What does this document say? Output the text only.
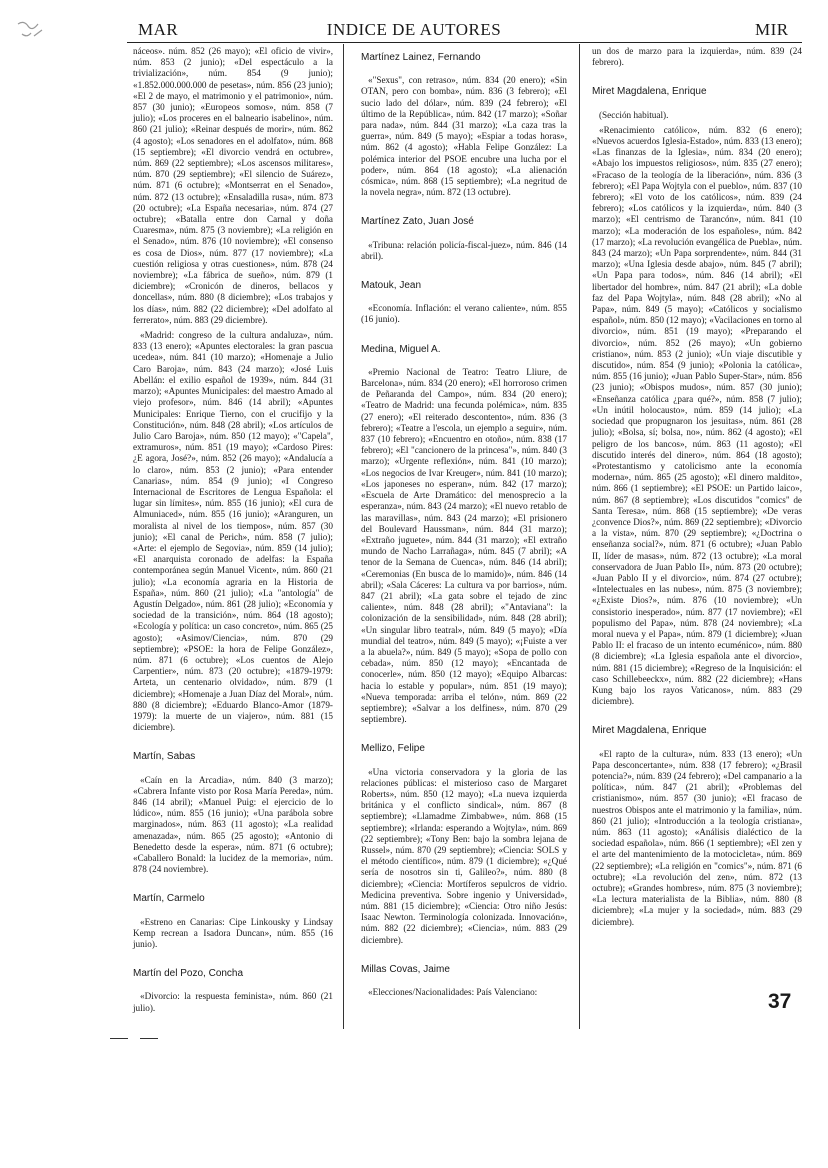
MAR	INDICE DE AUTORES	MIR

náceos». núm. 852 (26 mayo); «El oficio de vivir», núm. 853 (2 junio); «Del espectáculo a la trivialización», núm. 854 (9 junio); «1.852.000.000.000 de pesetas», núm. 856 (23 junio); «El 2 de mayo, el matrimonio y el patrimonio», núm. 857 (30 junio); «Europeos somos», núm. 858 (7 julio); «Los proceres en el balneario isabelino», núm. 860 (21 julio); «Reinar después de morir», núm. 862 (4 agosto); «Los senadores en el adolfato», núm. 868 (15 septiembre); «El divorcio vendrá en octubre», núm. 869 (22 septiembre); «Los ascensos militares», núm. 870 (29 septiembre); «El silencio de Suárez», núm. 871 (6 octubre); «Montserrat en el Senado», núm. 872 (13 octubre); «Ensaladilla rusa», núm. 873 (20 octubre); «La España necesaria», núm. 874 (27 octubre); «Batalla entre don Carnal y doña Cuaresma», núm. 875 (3 noviembre); «La religión en el Senado», núm. 876 (10 noviembre); «El consenso es cosa de Dios», núm. 877 (17 noviembre); «La cuestión religiosa y otras cuestiones», núm. 878 (24 noviembre); «La fábrica de sueño», núm. 879 (1 diciembre); «Cronicón de dineros, bellacos y doncellas», núm. 880 (8 diciembre); «Los trabajos y los días», núm. 882 (22 diciembre); «Del adolfato al ferrerato», núm. 883 (29 diciembre).

«Madrid: congreso de la cultura andaluza», núm. 833 (13 enero); «Apuntes electorales: la gran pascua ucedea», núm. 841 (10 marzo); «Homenaje a Julio Caro Baroja», núm. 843 (24 marzo); «José Luis Abellán: el exilio español de 1939», núm. 844 (31 marzo); «Apuntes Municipales: del maestro Amado al viejo profesor», núm. 846 (14 abril); «Apuntes Municipales: Enrique Tierno, con el crucifijo y la Constitución», núm. 848 (28 abril); «Los artículos de Julio Caro Baroja», núm. 850 (12 mayo); «"Capela", extramuros», núm. 851 (19 mayo); «Cardoso Pires: ¿E agora, José?», núm. 852 (26 mayo); «Andalucía a lo claro», núm. 853 (2 junio); «Para entender Canarias», núm. 854 (9 junio); «I Congreso Internacional de Escritores de Lengua Española: el lugar sin límites», núm. 855 (16 junio); «El cura de Almuniaced», núm. 855 (16 junio); «Aranguren, un moralista al nivel de los tiempos», núm. 857 (30 junio); «El canal de Perich», núm. 858 (7 julio); «Arte: el ejemplo de Segovia», núm. 859 (14 julio); «El anarquista coronado de adelfas: la España contemporánea según Manuel Vicent», núm. 860 (21 julio); «La economía agraria en la Historia de España», núm. 860 (21 julio); «La "antología" de Agustín Delgado», núm. 861 (28 julio); «Economía y sociedad de la transición», núm. 864 (18 agosto); «Ecología y política: un caso concreto», núm. 865 (25 agosto); «Asimov/Ciencia», núm. 870 (29 septiembre); «PSOE: la hora de Felipe González», núm. 871 (6 octubre); «Los cuentos de Alejo Carpentier», núm. 873 (20 octubre); «1879-1979: Arteta, un centenario olvidado», núm. 879 (1 diciembre); «Homenaje a Juan Díaz del Moral», núm. 880 (8 diciembre); «Eduardo Blanco-Amor (1879-1979): la muerte de un viajero», núm. 881 (15 diciembre).

Martín, Sabas

«Caín en la Arcadia», núm. 840 (3 marzo); «Cabrera Infante visto por Rosa María Pereda», núm. 846 (14 abril); «Manuel Puig: el ejercicio de lo lúdico», núm. 855 (16 junio); «Una parábola sobre marginados», núm. 863 (11 agosto); «La realidad amenazada», núm. 865 (25 agosto); «Antonio di Benedetto desde la espera», núm. 871 (6 octubre); «Caballero Bonald: la lucidez de la memoria», núm. 878 (24 noviembre).

Martín, Carmelo

«Estreno en Canarias: Cipe Linkousky y Lindsay Kemp recrean a Isadora Duncan», núm. 855 (16 junio).

Martín del Pozo, Concha

«Divorcio: la respuesta feminista», núm. 860 (21 julio).

Martínez Lainez, Fernando

«"Sexus", con retraso», núm. 834 (20 enero); «Sin OTAN, pero con bomba», núm. 836 (3 febrero); «El sucio lado del dólar», núm. 839 (24 febrero); «El último de la República», núm. 842 (17 marzo); «Soñar para nada», núm. 844 (31 marzo); «La caza tras la guerra», núm. 849 (5 mayo); «Espiar a todas horas», núm. 862 (4 agosto); «Habla Felipe González: La polémica interior del PSOE encubre una lucha por el poder», núm. 864 (18 agosto); «La alienación cósmica», núm. 868 (15 septiembre); «La negritud de la novela negra», núm. 872 (13 octubre).

Martínez Zato, Juan José

«Tribuna: relación policía-fiscal-juez», núm. 846 (14 abril).

Matouk, Jean

«Economía. Inflación: el verano caliente», núm. 855 (16 junio).

Medina, Miguel A.

«Premio Nacional de Teatro: Teatro Lliure, de Barcelona», núm. 834 (20 enero); «El horroroso crimen de Peñaranda del Campo», núm. 834 (20 enero); «Teatro de Madrid: una fecunda polémica», núm. 835 (27 enero); «El reiterado descontento», núm. 836 (3 febrero); «Teatre a l'escola, un ejemplo a seguir», núm. 837 (10 febrero); «Encuentro en otoño», núm. 838 (17 febrero); «El "cancionero de la princesa"», núm. 840 (3 marzo); «Urgente reflexión», núm. 841 (10 marzo); «Los negocios de Ivar Kreuger», núm. 841 (10 marzo); «Los japoneses no esperan», núm. 842 (17 marzo); «Escuela de Arte Dramático: del menosprecio a la esperanza», núm. 843 (24 marzo); «El nuevo retablo de las maravillas», núm. 843 (24 marzo); «El prisionero del Boulevard Haussman», núm. 844 (31 marzo); «Extraño juguete», núm. 844 (31 marzo); «El extraño mundo de Nacho Larrañaga», núm. 845 (7 abril); «A tenor de la Semana de Cuenca», núm. 846 (14 abril); «Ceremonias (En busca de lo mamido)», núm. 846 (14 abril); «Sala Cáceres: La cultura va por barrios», núm. 847 (21 abril); «La gata sobre el tejado de zinc caliente», núm. 848 (28 abril); «"Antaviana": la colonización de la sensibilidad», núm. 848 (28 abril); «Un singular libro teatral», núm. 849 (5 mayo); «Día mundial del teatro», núm. 849 (5 mayo); «¡Fuiste a ver a la abuela?», núm. 849 (5 mayo); «Sopa de pollo con cebada», núm. 850 (12 mayo); «Encantada de conocerle», núm. 850 (12 mayo); «Equipo Albarcas: hacia lo estable y popular», núm. 851 (19 mayo); «Nueva temporada: arriba el telón», núm. 869 (22 septiembre); «Salvar a los delfines», núm. 870 (29 septiembre).

Mellizo, Felipe

«Una victoria conservadora y la gloria de las relaciones públicas: el misterioso caso de Margaret Roberts», núm. 850 (12 mayo); «La nueva izquierda británica y el conflicto sindical», núm. 867 (8 septiembre); «Llamadme Zimbabwe», núm. 868 (15 septiembre); «Irlanda: esperando a Wojtyla», núm. 869 (22 septiembre); «Tony Ben: bajo la sombra lejana de Russel», núm. 870 (29 septiembre); «Ciencia: SOLS y el método científico», núm. 879 (1 diciembre); «¿Qué sería de nosotros sin ti, Galileo?», núm. 880 (8 diciembre); «Ciencia: Mortíferos sepulcros de vidrio. Medicina preventiva. Sobre ingenio y Universidad», núm. 881 (15 diciembre); «Ciencia: Otro niño Jesús: Isaac Newton. Terminología colonizada. Innovación», núm. 882 (22 diciembre); «Ciencia», núm. 883 (29 diciembre).

Millas Covas, Jaime

«Elecciones/Nacionalidades: País Valenciano:

un dos de marzo para la izquierda», núm. 839 (24 febrero).

Miret Magdalena, Enrique

(Sección habitual).

«Renacimiento católico», núm. 832 (6 enero); «Nuevos acuerdos Iglesia-Estado», núm. 833 (13 enero); «Las finanzas de la Iglesia», núm. 834 (20 enero); «Abajo los impuestos religiosos», núm. 835 (27 enero); «Fracaso de la teología de la liberación», núm. 836 (3 febrero); «El Papa Wojtyla con el pueblo», núm. 837 (10 febrero); «El voto de los católicos», núm. 839 (24 febrero); «Los católicos y la izquierda», núm. 840 (3 marzo); «El centrismo de Tarancón», núm. 841 (10 marzo); «La moderación de los españoles», núm. 842 (17 marzo); «La revolución evangélica de Puebla», núm. 843 (24 marzo); «Un Papa sorprendente», núm. 844 (31 marzo); «Una Iglesia desde abajo», núm. 845 (7 abril); «Un Papa para todos», núm. 846 (14 abril); «El libertador del hombre», núm. 847 (21 abril); «La doble faz del Papa Wojtyla», núm. 848 (28 abril); «No al Papa», núm. 849 (5 mayo); «Católicos y socialismo español», núm. 850 (12 mayo); «Vacilaciones en torno al divorcio», núm. 851 (19 mayo); «Preparando el divorcio», núm. 852 (26 mayo); «Un gobierno cristiano», núm. 853 (2 junio); «Un viaje discutible y discutido», núm. 854 (9 junio); «Polonia la católica», núm. 855 (16 junio); «Juan Pablo Super-Star», núm. 856 (23 junio); «Obispos mudos», núm. 857 (30 junio); «Enseñanza católica ¿para qué?», núm. 858 (7 julio); «Un inútil holocausto», núm. 859 (14 julio); «La sociedad que propugnaron los jesuitas», núm. 861 (28 julio); «Bolsa, sí; bolsa, no», núm. 862 (4 agosto); «El peligro de los bancos», núm. 863 (11 agosto); «El discutido interés del dinero», núm. 864 (18 agosto); «Protestantismo y catolicismo ante la economía moderna», núm. 865 (25 agosto); «El dinero maldito», núm. 866 (1 septiembre); «El PSOE: un Partido laico», núm. 867 (8 septiembre); «Los discutidos "comics" de Santa Teresa», núm. 868 (15 septiembre); «De veras ¿convence Dios?», núm. 869 (22 septiembre); «Divorcio a la vista», núm. 870 (29 septiembre); «¿Doctrina o enseñanza social?», núm. 871 (6 octubre); «Juan Pablo II, líder de masas», núm. 872 (13 octubre); «La moral conservadora de Juan Pablo II», núm. 873 (20 octubre); «Juan Pablo II y el divorcio», núm. 874 (27 octubre); «Intelectuales en las nubes», núm. 875 (3 noviembre); «¿Existe Dios?», núm. 876 (10 noviembre); «Un consistorio inesperado», núm. 877 (17 noviembre); «El populismo del Papa», núm. 878 (24 noviembre); «La moral nueva y el Papa», núm. 879 (1 diciembre); «Juan Pablo II: el fracaso de un intento ecuménico», núm. 880 (8 diciembre); «La Iglesia española ante el divorcio», núm. 881 (15 diciembre); «Regreso de la Inquisición: el caso Schillebeeckx», núm. 882 (22 diciembre); «Hans Kung bajo los rayos Vaticanos», núm. 883 (29 diciembre).

Miret Magdalena, Enrique

«El rapto de la cultura», núm. 833 (13 enero); «Un Papa desconcertante», núm. 838 (17 febrero); «¿Brasil potencia?», núm. 839 (24 febrero); «Del campanario a la política», núm. 847 (21 abril); «Problemas del cristianismo», núm. 857 (30 junio); «El fracaso de nuestros Obispos ante el matrimonio y la familia», núm. 860 (21 julio); «Introducción a la teología cristiana», núm. 863 (11 agosto); «Análisis dialéctico de la sociedad española», núm. 866 (1 septiembre); «El zen y el arte del mantenimiento de la motocicleta», núm. 869 (22 septiembre); «La religión en "comics"», núm. 871 (6 octubre); «La revolución del zen», núm. 872 (13 octubre); «Grandes hombres», núm. 875 (3 noviembre); «La lectura materialista de la Biblia», núm. 880 (8 diciembre); «La mujer y la sociedad», núm. 883 (29 diciembre).

37
